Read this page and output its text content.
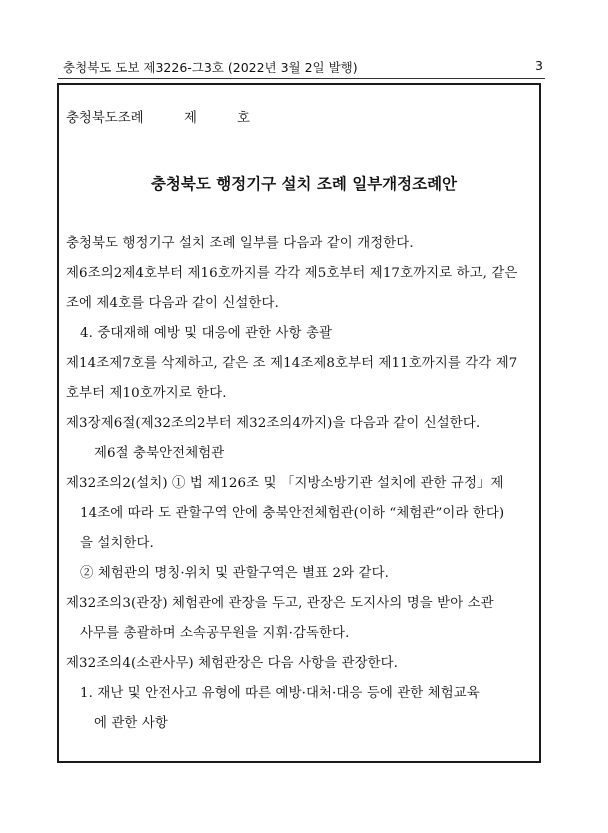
충청북도 도보 제3226-그3호 (2022년 3월 2일 발행)	3
충청북도조례	제	호
충청북도 행정기구 설치 조례 일부개정조례안
충청북도 행정기구 설치 조례 일부를 다음과 같이 개정한다.
제6조의2제4호부터 제16호까지를 각각 제5호부터 제17호까지로 하고, 같은
조에 제4호를 다음과 같이 신설한다.
4. 중대재해 예방 및 대응에 관한 사항 총괄
제14조제7호를 삭제하고, 같은 조 제14조제8호부터 제11호까지를 각각 제7
호부터 제10호까지로 한다.
제3장제6절(제32조의2부터 제32조의4까지)을 다음과 같이 신설한다.
제6절 충북안전체험관
제32조의2(설치) ① 법 제126조 및 「지방소방기관 설치에 관한 규정」제
14조에 따라 도 관할구역 안에 충북안전체험관(이하 “체험관”이라 한다)
을 설치한다.
② 체험관의 명칭·위치 및 관할구역은 별표 2와 같다.
제32조의3(관장) 체험관에 관장을 두고, 관장은 도지사의 명을 받아 소관
사무를 총괄하며 소속공무원을 지휘·감독한다.
제32조의4(소관사무) 체험관장은 다음 사항을 관장한다.
1. 재난 및 안전사고 유형에 따른 예방·대처·대응 등에 관한 체험교육
에 관한 사항
